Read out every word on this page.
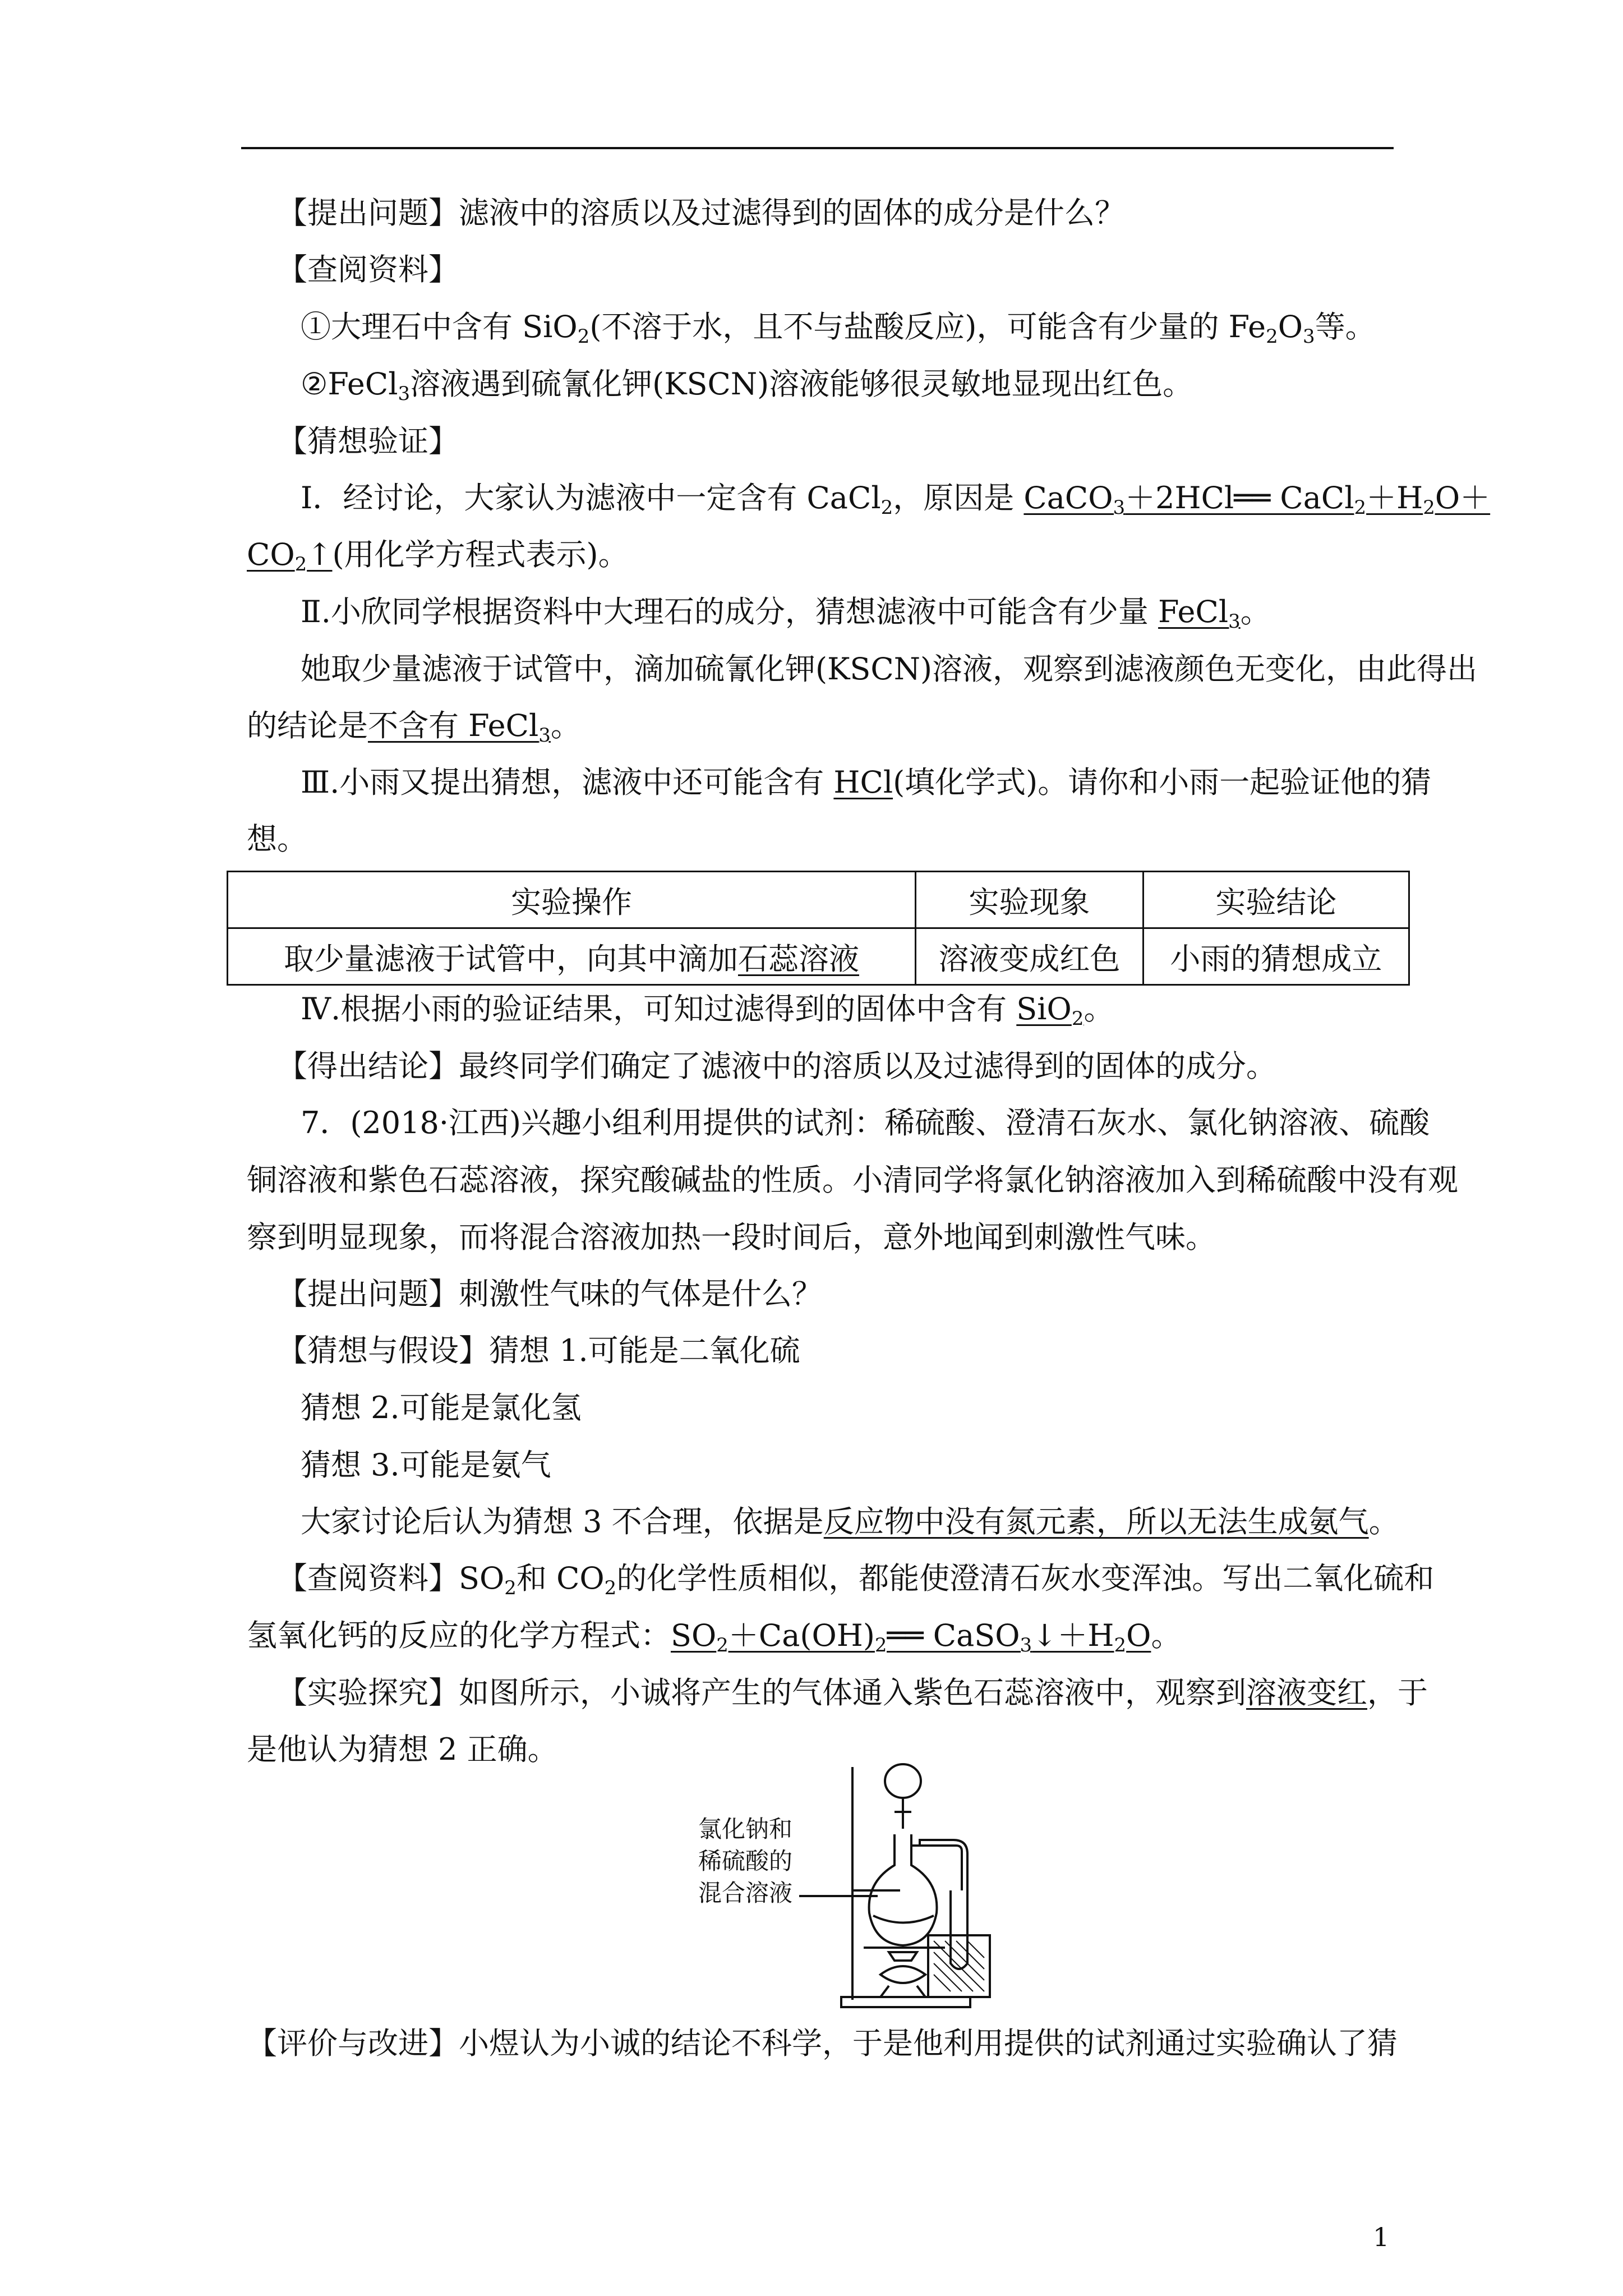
【提出问题】滤液中的溶质以及过滤得到的固体的成分是什么？
【查阅资料】
①大理石中含有 SiO$_2$(不溶于水，且不与盐酸反应)，可能含有少量的 $Fe_2O_3$等。
②FeCl$_3$溶液遇到硫氰化钾(KSCN)溶液能够很灵敏地显现出红色。
【猜想验证】
Ⅰ．经讨论，大家认为滤液中一定含有 CaCl$_2$，原因是 CaCO$_3$＋2HCl══ $CaCl_2+H_2O+$
$CO_2↑$(用化学方程式表示)。
Ⅱ.小欣同学根据资料中大理石的成分，猜想滤液中可能含有少量 FeCl$_3$。
她取少量滤液于试管中，滴加硫氰化钾(KSCN)溶液，观察到滤液颜色无变化，由此得出
的结论是不含有 FeCl$_3$。
Ⅲ.小雨又提出猜想，滤液中还可能含有 HCl(填化学式)。请你和小雨一起验证他的猜
想。
实验操作	实验现象	实验结论
取少量滤液于试管中，向其中滴加石蕊溶液	溶液变成红色	小雨的猜想成立
Ⅳ.根据小雨的验证结果，可知过滤得到的固体中含有 SiO$_2$。
【得出结论】最终同学们确定了滤液中的溶质以及过滤得到的固体的成分。
7．(2018·江西)兴趣小组利用提供的试剂：稀硫酸、澄清石灰水、氯化钠溶液、硫酸
铜溶液和紫色石蕊溶液，探究酸碱盐的性质。小清同学将氯化钠溶液加入到稀硫酸中没有观
察到明显现象，而将混合溶液加热一段时间后，意外地闻到刺激性气味。
【提出问题】刺激性气味的气体是什么？
【猜想与假设】猜想 1.可能是二氧化硫
猜想 2.可能是氯化氢
猜想 3.可能是氨气
大家讨论后认为猜想 3 不合理，依据是反应物中没有氮元素，所以无法生成氨气。
【查阅资料】$SO_2$和 $CO_2$的化学性质相似，都能使澄清石灰水变浑浊。写出二氧化硫和
氢氧化钙的反应的化学方程式：$SO_2+Ca(OH)_2══$ $CaSO_3↓+H_2O$。
【实验探究】如图所示，小诚将产生的气体通入紫色石蕊溶液中，观察到溶液变红，于
是他认为猜想 2 正确。
氯化钠和
稀硫酸的
混合溶液
【评价与改进】小煜认为小诚的结论不科学，于是他利用提供的试剂通过实验确认了猜
1
